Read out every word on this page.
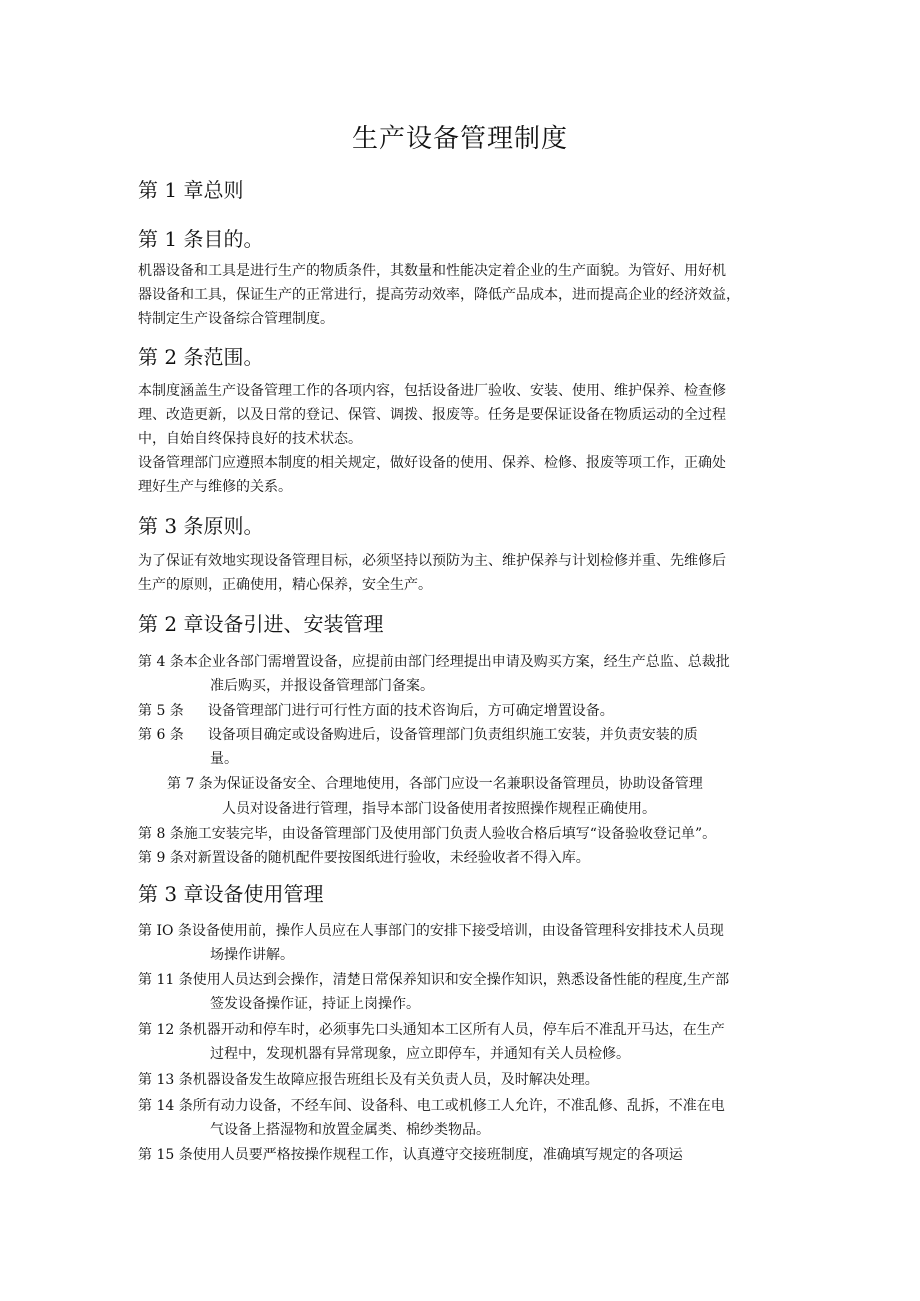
生产设备管理制度
第 1 章总则
第 1 条目的。
机器设备和工具是进行生产的物质条件，其数量和性能决定着企业的生产面貌。为管好、用好机
器设备和工具，保证生产的正常进行，提高劳动效率，降低产品成本，进而提高企业的经济效益，
特制定生产设备综合管理制度。
第 2 条范围。
本制度涵盖生产设备管理工作的各项内容，包括设备进厂验收、安装、使用、维护保养、检查修
理、改造更新，以及日常的登记、保管、调拨、报废等。任务是要保证设备在物质运动的全过程
中，自始自终保持良好的技术状态。
设备管理部门应遵照本制度的相关规定，做好设备的使用、保养、检修、报废等项工作，正确处
理好生产与维修的关系。
第 3 条原则。
为了保证有效地实现设备管理目标，必须坚持以预防为主、维护保养与计划检修并重、先维修后
生产的原则，正确使用，精心保养，安全生产。
第 2 章设备引进、安装管理
第 4 条本企业各部门需增置设备，应提前由部门经理提出申请及购买方案，经生产总监、总裁批
准后购买，并报设备管理部门备案。
第 5 条 设备管理部门进行可行性方面的技术咨询后，方可确定增置设备。
第 6 条 设备项目确定或设备购进后，设备管理部门负责组织施工安装，并负责安装的质
量。
第 7 条为保证设备安全、合理地使用，各部门应设一名兼职设备管理员，协助设备管理
人员对设备进行管理，指导本部门设备使用者按照操作规程正确使用。
第 8 条施工安装完毕，由设备管理部门及使用部门负责人验收合格后填写“设备验收登记单”。
第 9 条对新置设备的随机配件要按图纸进行验收，未经验收者不得入库。
第 3 章设备使用管理
第 IO 条设备使用前，操作人员应在人事部门的安排下接受培训，由设备管理科安排技术人员现
场操作讲解。
第 11 条使用人员达到会操作，清楚日常保养知识和安全操作知识，熟悉设备性能的程度,生产部
签发设备操作证，持证上岗操作。
第 12 条机器开动和停车时，必须事先口头通知本工区所有人员，停车后不准乱开马达，在生产
过程中，发现机器有异常现象，应立即停车，并通知有关人员检修。
第 13 条机器设备发生故障应报告班组长及有关负责人员，及时解决处理。
第 14 条所有动力设备，不经车间、设备科、电工或机修工人允许，不准乱修、乱拆，不准在电
气设备上搭湿物和放置金属类、棉纱类物品。
第 15 条使用人员要严格按操作规程工作，认真遵守交接班制度，准确填写规定的各项运
